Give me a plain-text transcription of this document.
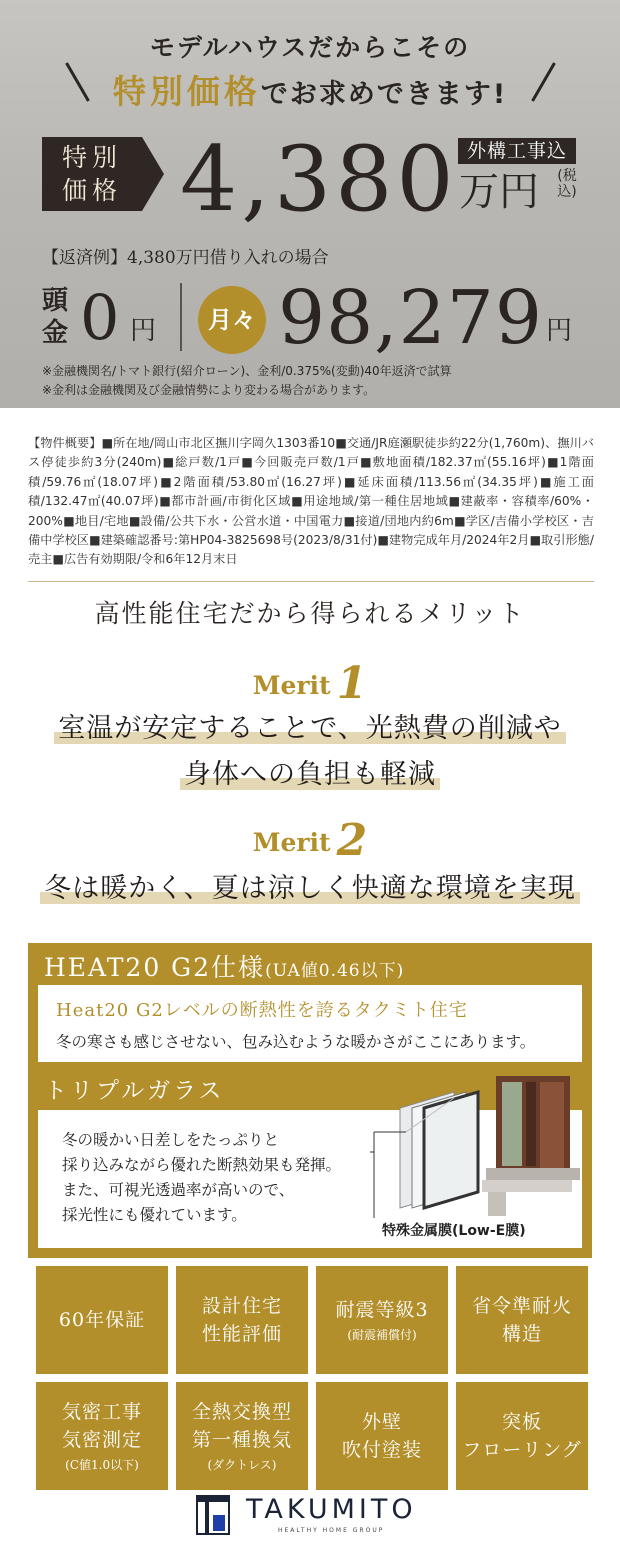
モデルハウスだからこその
特別価格でお求めできます!
特別
価格 4,380 外構工事込
万円 (税込)
【返済例】4,380万円借り入れの場合
頭金 0 円	月々 98,279 円
※金融機関名/トマト銀行(紹介ローン)、金利/0.375%(変動)40年返済で試算
※金利は金融機関及び金融情勢により変わる場合があります。
【物件概要】■所在地/岡山市北区撫川字岡久1303番10■交通/JR庭瀬駅徒歩約22分(1,760m)、撫川バス停徒歩約3分(240m)■総戸数/1戸■今回販売戸数/1戸■敷地面積/182.37㎡(55.16坪)■1階面積/59.76㎡(18.07坪)■2階面積/53.80㎡(16.27坪)■延床面積/113.56㎡(34.35坪)■施工面積/132.47㎡(40.07坪)■都市計画/市街化区域■用途地域/第一種住居地域■建蔽率・容積率/60%・200%■地目/宅地■設備/公共下水・公営水道・中国電力■接道/団地内約6m■学区/吉備小学校区・吉備中学校区■建築確認番号:第HP04-3825698号(2023/8/31付)■建物完成年月/2024年2月■取引形態/売主■広告有効期限/令和6年12月末日
高性能住宅だから得られるメリット
Merit 1
室温が安定することで、光熱費の削減や
身体への負担も軽減
Merit 2
冬は暖かく、夏は涼しく快適な環境を実現
HEAT20 G2仕様(UA値0.46以下)
Heat20 G2レベルの断熱性を誇るタクミト住宅
冬の寒さも感じさせない、包み込むような暖かさがここにあります。
トリプルガラス
冬の暖かい日差しをたっぷりと
採り込みながら優れた断熱効果も発揮。
また、可視光透過率が高いので、
採光性にも優れています。
特殊金属膜(Low-E膜)
60年保証
設計住宅
性能評価
耐震等級3
(耐震補償付)
省令準耐火
構造
気密工事
気密測定
(C値1.0以下)
全熱交換型
第一種換気
(ダクトレス)
外壁
吹付塗装
突板
フローリング
TAKUMITO
HEALTHY HOME GROUP
